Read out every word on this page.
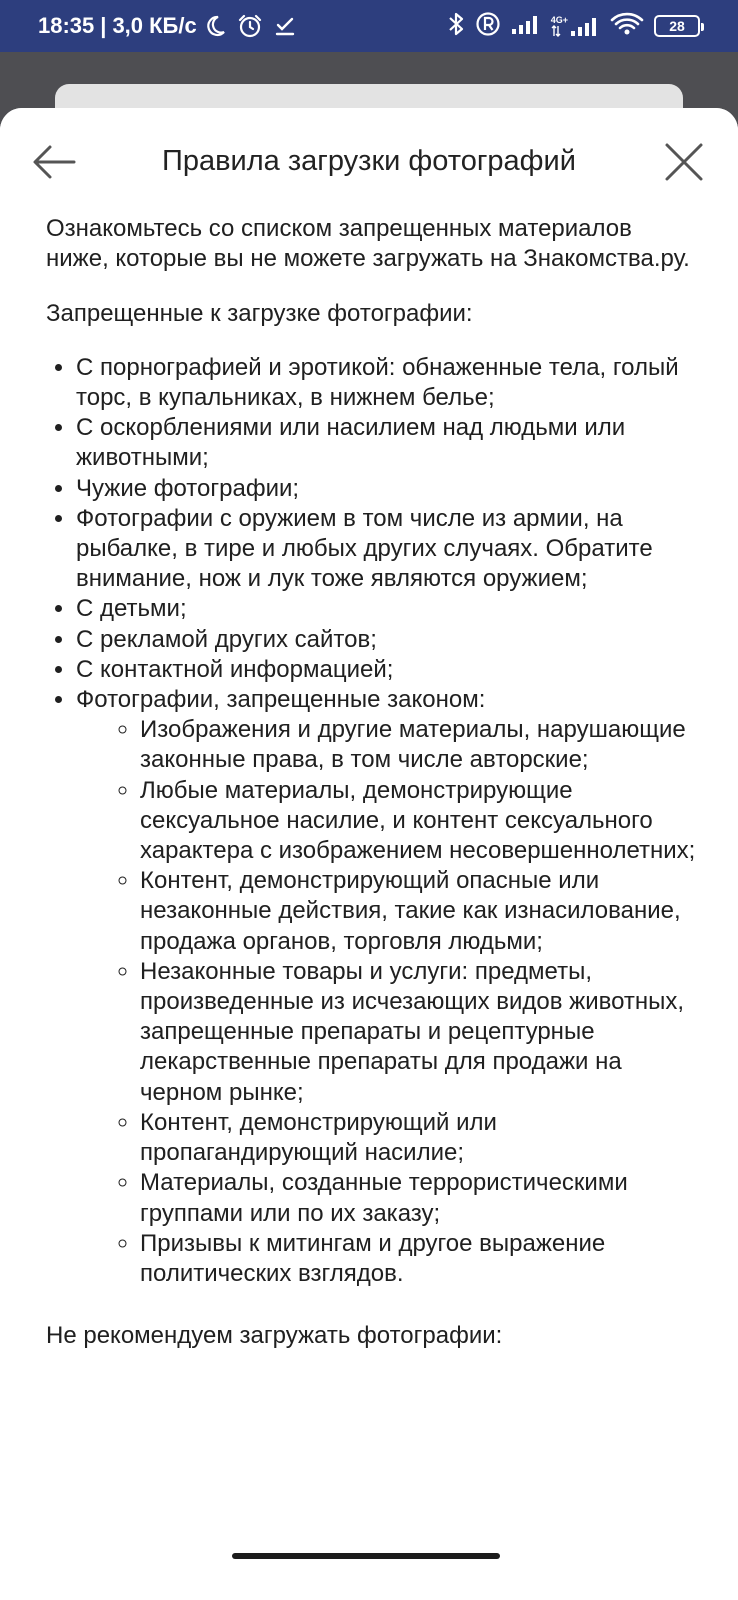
18:35 | 3,0 КБ/с	4G+	28
Правила загрузки фотографий

Ознакомьтесь со списком запрещенных материалов ниже, которые вы не можете загружать на Знакомства.ру.

Запрещенные к загрузке фотографии:

• С порнографией и эротикой: обнаженные тела, голый торс, в купальниках, в нижнем белье;
• С оскорблениями или насилием над людьми или животными;
• Чужие фотографии;
• Фотографии с оружием в том числе из армии, на рыбалке, в тире и любых других случаях. Обратите внимание, нож и лук тоже являются оружием;
• С детьми;
• С рекламой других сайтов;
• С контактной информацией;
• Фотографии, запрещенные законом:
◦ Изображения и другие материалы, нарушающие законные права, в том числе авторские;
◦ Любые материалы, демонстрирующие сексуальное насилие, и контент сексуального характера с изображением несовершеннолетних;
◦ Контент, демонстрирующий опасные или незаконные действия, такие как изнасилование, продажа органов, торговля людьми;
◦ Незаконные товары и услуги: предметы, произведенные из исчезающих видов животных, запрещенные препараты и рецептурные лекарственные препараты для продажи на черном рынке;
◦ Контент, демонстрирующий или пропагандирующий насилие;
◦ Материалы, созданные террористическими группами или по их заказу;
◦ Призывы к митингам и другое выражение политических взглядов.

Не рекомендуем загружать фотографии:
